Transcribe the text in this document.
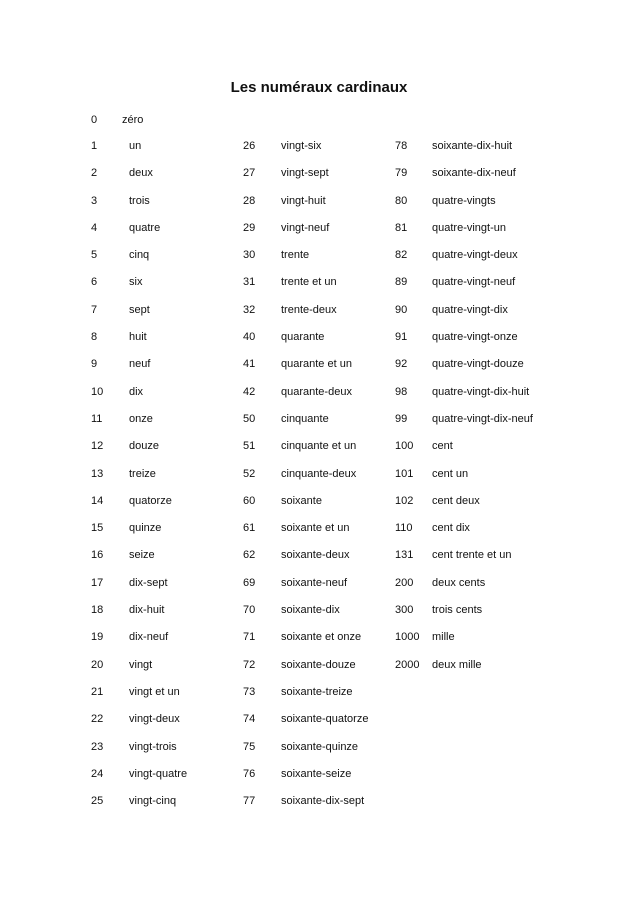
Les numéraux cardinaux
0 zéro
1	un
2	deux
3	trois
4	quatre
5	cinq
6	six
7	sept
8	huit
9	neuf
10 dix
11 onze
12 douze
13 treize
14 quatorze
15 quinze
16 seize
17 dix-sept
18 dix-huit
19 dix-neuf
20 vingt
21 vingt et un
22 vingt-deux
23 vingt-trois
24 vingt-quatre
25 vingt-cinq
26 vingt-six
27 vingt-sept
28 vingt-huit
29 vingt-neuf
30 trente
31 trente et un
32 trente-deux
40 quarante
41 quarante et un
42 quarante-deux
50 cinquante
51 cinquante et un
52 cinquante-deux
60 soixante
61 soixante et un
62 soixante-deux
69 soixante-neuf
70 soixante-dix
71 soixante et onze
72 soixante-douze
73 soixante-treize
74 soixante-quatorze
75 soixante-quinze
76 soixante-seize
77 soixante-dix-sept
78 soixante-dix-huit
79 soixante-dix-neuf
80 quatre-vingts
81 quatre-vingt-un
82 quatre-vingt-deux
89 quatre-vingt-neuf
90 quatre-vingt-dix
91 quatre-vingt-onze
92 quatre-vingt-douze
98 quatre-vingt-dix-huit
99 quatre-vingt-dix-neuf
100 cent
101 cent un
102 cent deux
110 cent dix
131 cent trente et un
200 deux cents
300 trois cents
1000 mille
2000 deux mille
